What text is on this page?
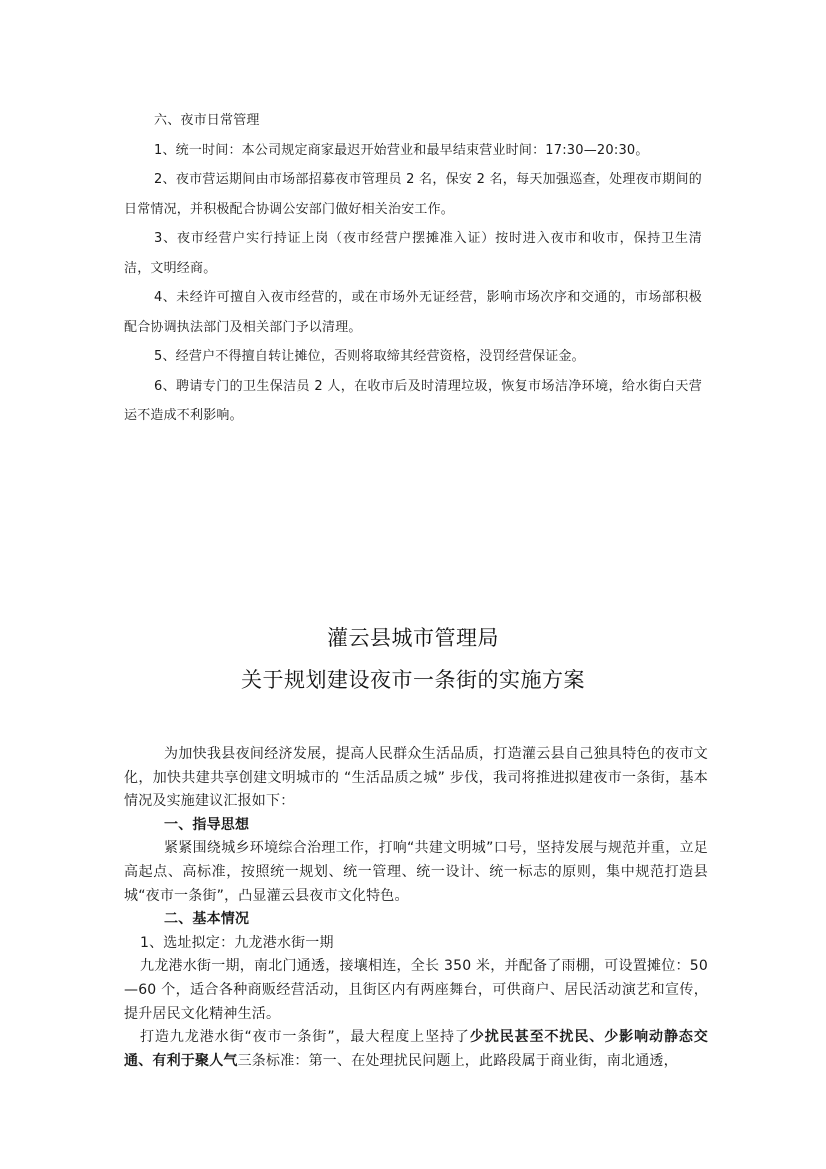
六、夜市日常管理

1、统一时间：本公司规定商家最迟开始营业和最早结束营业时间：17:30—20:30。

2、夜市营运期间由市场部招募夜市管理员 2 名，保安 2 名，每天加强巡查，处理夜市期间的日常情况，并积极配合协调公安部门做好相关治安工作。

3、夜市经营户实行持证上岗（夜市经营户摆摊准入证）按时进入夜市和收市，保持卫生清洁，文明经商。

4、未经许可擅自入夜市经营的，或在市场外无证经营，影响市场次序和交通的，市场部积极配合协调执法部门及相关部门予以清理。

5、经营户不得擅自转让摊位，否则将取缔其经营资格，没罚经营保证金。

6、聘请专门的卫生保洁员 2 人，在收市后及时清理垃圾，恢复市场洁净环境，给水街白天营运不造成不利影响。

灌云县城市管理局
关于规划建设夜市一条街的实施方案

为加快我县夜间经济发展，提高人民群众生活品质，打造灌云县自己独具特色的夜市文化，加快共建共享创建文明城市的 “生活品质之城” 步伐，我司将推进拟建夜市一条街，基本情况及实施建议汇报如下：

一、指导思想

紧紧围绕城乡环境综合治理工作，打响“共建文明城”口号，坚持发展与规范并重，立足高起点、高标准，按照统一规划、统一管理、统一设计、统一标志的原则，集中规范打造县城“夜市一条街”，凸显灌云县夜市文化特色。

二、基本情况

1、选址拟定：九龙港水街一期

九龙港水街一期，南北门通透，接壤相连，全长 350 米，并配备了雨棚，可设置摊位：50—60 个，适合各种商贩经营活动，且街区内有两座舞台，可供商户、居民活动演艺和宣传，提升居民文化精神生活。

打造九龙港水街“夜市一条街”，最大程度上坚持了少扰民甚至不扰民、少影响动静态交通、有利于聚人气三条标准：第一、在处理扰民问题上，此路段属于商业街，南北通透，
